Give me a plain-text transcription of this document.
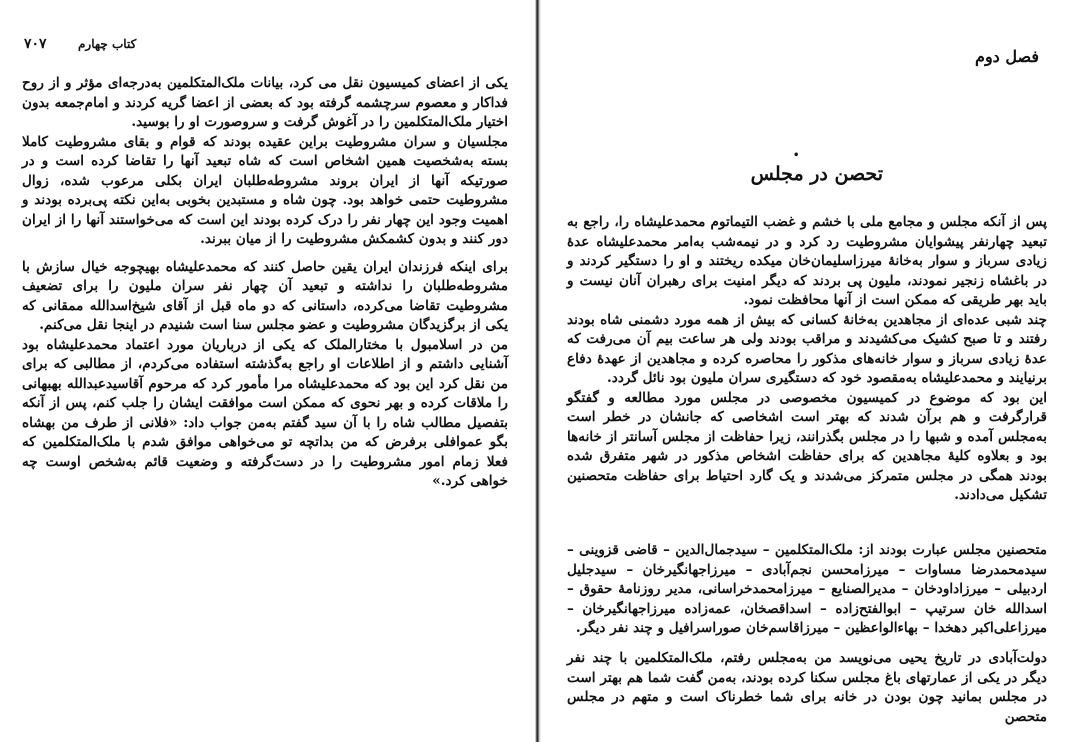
۷۰۷	کتاب چهارم

یکی از اعضای کمیسیون نقل می کرد، بیانات ملک‌المتکلمین به‌درجه‌ای مؤثر و از روح فداکار و معصوم سرچشمه گرفته بود که بعضی از اعضا گریه کردند و امام‌جمعه بدون اختیار ملک‌المتکلمین را در آغوش گرفت و سروصورت او را بوسید.

مجلسیان و سران مشروطیت براین عقیده بودند که قوام و بقای مشروطیت کاملا بسته به‌شخصیت همین اشخاص است که شاه تبعید آنها را تقاضا کرده است و در صورتیکه آنها از ایران بروند مشروطه‌طلبان ایران بکلی مرعوب شده، زوال مشروطیت حتمی خواهد بود. چون شاه و مستبدین بخوبی به‌این نکته پی‌برده بودند و اهمیت وجود این چهار نفر را درک کرده بودند این است که می‌خواستند آنها را از ایران دور کنند و بدون کشمکش مشروطیت را از میان ببرند.

برای اینکه فرزندان ایران یقین حاصل کنند که محمدعلیشاه بهیچوجه خیال سازش با مشروطه‌طلبان را نداشته و تبعید آن چهار نفر سران ملیون را برای تضعیف مشروطیت تقاضا می‌کرده، داستانی که دو ماه قبل از آقای شیخ‌اسدالله ممقانی که یکی از برگزیدگان مشروطیت و عضو مجلس سنا است شنیدم در اینجا نقل می‌کنم.

من در اسلامبول با مختارالملک که یکی از درباریان مورد اعتماد محمدعلیشاه بود آشنایی داشتم و از اطلاعات او راجع به‌گذشته استفاده می‌کردم، از مطالبی که برای من نقل کرد این بود که محمدعلیشاه مرا مأمور کرد که مرحوم آقاسیدعبدالله بهبهانی را ملاقات کرده و بهر نحوی که ممکن است موافقت ایشان را جلب کنم، پس از آنکه بتفصیل مطالب شاه را با آن سید گفتم به‌من جواب داد: «فلانی از طرف من بهشاه بگو عموافلی برفرض که من بداتچه تو می‌خواهی موافق شدم با ملک‌المتکلمین که فعلا زمام امور مشروطیت را در دست‌گرفته و وضعیت قائم به‌شخص اوست چه خواهی کرد.»

فصل دوم
•
تحصن در مجلس

پس از آنکه مجلس و مجامع ملی با خشم و غضب التیماتوم محمدعلیشاه را، راجع به تبعید چهارنفر پیشوایان مشروطیت رد کرد و در نیمه‌شب به‌امر محمدعلیشاه عدهٔ زیادی سرباز و سوار به‌خانهٔ میرزاسلیمان‌خان میکده ریختند و او را دستگیر کردند و در باغشاه زنجیر نمودند، ملیون پی بردند که دیگر امنیت برای رهبران آنان نیست و باید بهر طریقی که ممکن است از آنها محافظت نمود.

چند شبی عده‌ای از مجاهدین به‌خانهٔ کسانی که بیش از همه مورد دشمنی شاه بودند رفتند و تا صبح کشیک می‌کشیدند و مراقب بودند ولی هر ساعت بیم آن می‌رفت که عدهٔ زیادی سرباز و سوار خانه‌های مذکور را محاصره کرده و مجاهدین از عهدهٔ دفاع برنیایند و محمدعلیشاه به‌مقصود خود که دستگیری سران ملیون بود نائل گردد.

این بود که موضوع در کمیسیون مخصوصی در مجلس مورد مطالعه و گفتگو قرارگرفت و هم برآن شدند که بهتر است اشخاصی که جانشان در خطر است به‌مجلس آمده و شبها را در مجلس بگذرانند، زیرا حفاظت از مجلس آسانتر از خانه‌ها بود و بعلاوه کلیهٔ مجاهدین که برای حفاظت اشخاص مذکور در شهر متفرق شده بودند همگی در مجلس متمرکز می‌شدند و یک گارد احتیاط برای حفاظت متحصنین تشکیل می‌دادند.

متحصنین مجلس عبارت بودند از: ملک‌المتکلمین – سیدجمال‌الدین – قاضی قزوینی – سیدمحمدرضا مساوات – میرزامحسن نجم‌آبادی – میرزاجهانگیرخان – سیدجلیل اردبیلی – میرزاداودخان – مدیرالصنایع – میرزامحمدخراسانی، مدیر روزنامهٔ حقوق – اسدالله خان سرتیپ – ابوالفتح‌زاده – اسداقصخان، عمه‌زاده میرزاجهانگیرخان – میرزاعلی‌اکبر دهخدا – بهاءالواعظین – میرزاقاسم‌خان صوراسرافیل و چند نفر دیگر.

دولت‌آبادی در تاریخ یحیی می‌نویسد من به‌مجلس رفتم، ملک‌المتکلمین با چند نفر دیگر در یکی از عمارتهای باغ مجلس سکنا کرده بودند، به‌من گفت شما هم بهتر است در مجلس بمانید چون بودن در خانه برای شما خطرناک است و متهم در مجلس متحصن
